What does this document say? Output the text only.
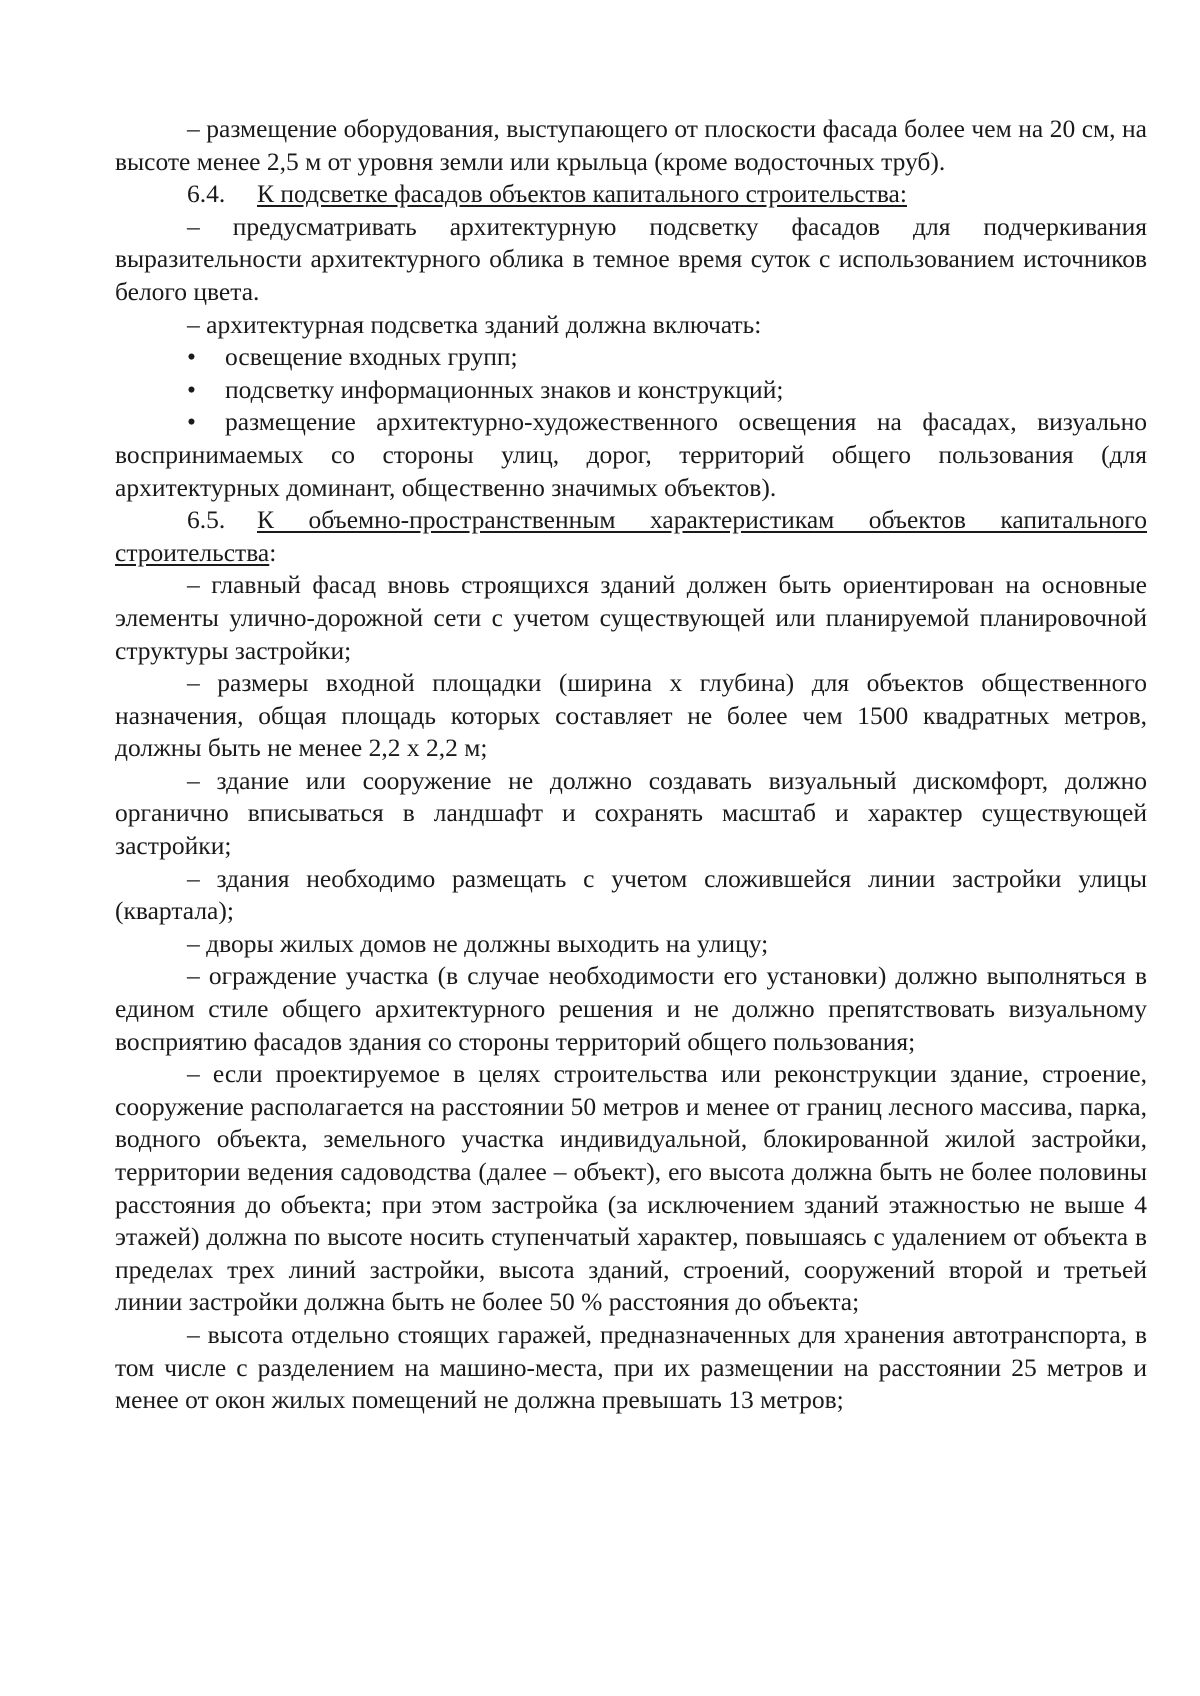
– размещение оборудования, выступающего от плоскости фасада более чем на 20 см, на высоте менее 2,5 м от уровня земли или крыльца (кроме водосточных труб).

6.4. К подсветке фасадов объектов капитального строительства:

– предусматривать архитектурную подсветку фасадов для подчеркивания выразительности архитектурного облика в темное время суток с использованием источников белого цвета.

– архитектурная подсветка зданий должна включать:

• освещение входных групп;

• подсветку информационных знаков и конструкций;

• размещение архитектурно-художественного освещения на фасадах, визуально воспринимаемых со стороны улиц, дорог, территорий общего пользования (для архитектурных доминант, общественно значимых объектов).

6.5. К объемно-пространственным характеристикам объектов капитального строительства:

– главный фасад вновь строящихся зданий должен быть ориентирован на основные элементы улично-дорожной сети с учетом существующей или планируемой планировочной структуры застройки;

– размеры входной площадки (ширина х глубина) для объектов общественного назначения, общая площадь которых составляет не более чем 1500 квадратных метров, должны быть не менее 2,2 х 2,2 м;

– здание или сооружение не должно создавать визуальный дискомфорт, должно органично вписываться в ландшафт и сохранять масштаб и характер существующей застройки;

– здания необходимо размещать с учетом сложившейся линии застройки улицы (квартала);

– дворы жилых домов не должны выходить на улицу;

– ограждение участка (в случае необходимости его установки) должно выполняться в едином стиле общего архитектурного решения и не должно препятствовать визуальному восприятию фасадов здания со стороны территорий общего пользования;

– если проектируемое в целях строительства или реконструкции здание, строение, сооружение располагается на расстоянии 50 метров и менее от границ лесного массива, парка, водного объекта, земельного участка индивидуальной, блокированной жилой застройки, территории ведения садоводства (далее – объект), его высота должна быть не более половины расстояния до объекта; при этом застройка (за исключением зданий этажностью не выше 4 этажей) должна по высоте носить ступенчатый характер, повышаясь с удалением от объекта в пределах трех линий застройки, высота зданий, строений, сооружений второй и третьей линии застройки должна быть не более 50 % расстояния до объекта;

– высота отдельно стоящих гаражей, предназначенных для хранения автотранспорта, в том числе с разделением на машино-места, при их размещении на расстоянии 25 метров и менее от окон жилых помещений не должна превышать 13 метров;
